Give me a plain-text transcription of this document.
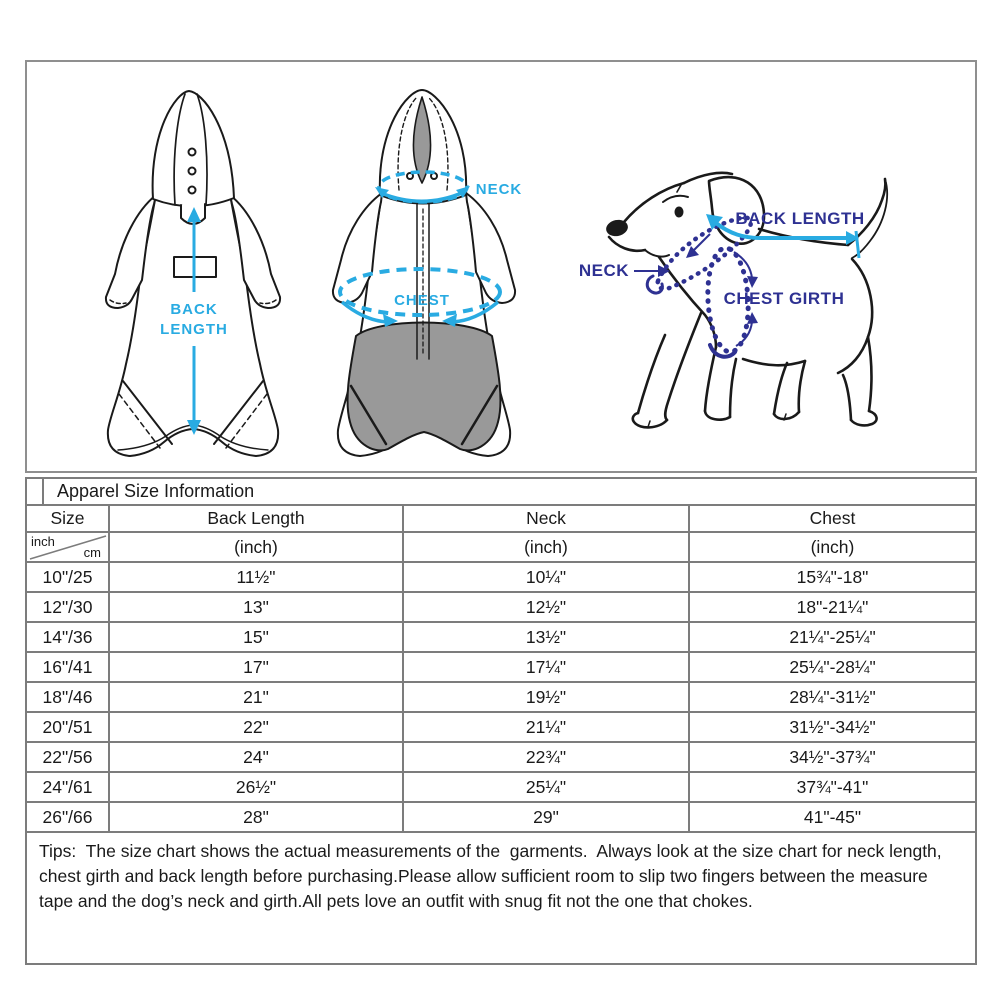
BACK
LENGTH
NECK
CHEST
BACK LENGTH
NECK
CHEST GIRTH
Apparel Size Information
Size	Back Length	Neck	Chest
inch
cm	(inch)	(inch)	(inch)
10"/25	11½"	10¼"	15¾"-18"
12"/30	13"	12½"	18"-21¼"
14"/36	15"	13½"	21¼"-25¼"
16"/41	17"	17¼"	25¼"-28¼"
18"/46	21"	19½"	28¼"-31½"
20"/51	22"	21¼"	31½"-34½"
22"/56	24"	22¾"	34½"-37¾"
24"/61	26½"	25¼"	37¾"-41"
26"/66	28"	29"	41"-45"
Tips:  The size chart shows the actual measurements of the  garments.  Always look at the size chart for neck length, chest girth and back length before purchasing.Please allow sufficient room to slip two fingers between the measure tape and the dog’s neck and girth.All pets love an outfit with snug fit not the one that chokes.
